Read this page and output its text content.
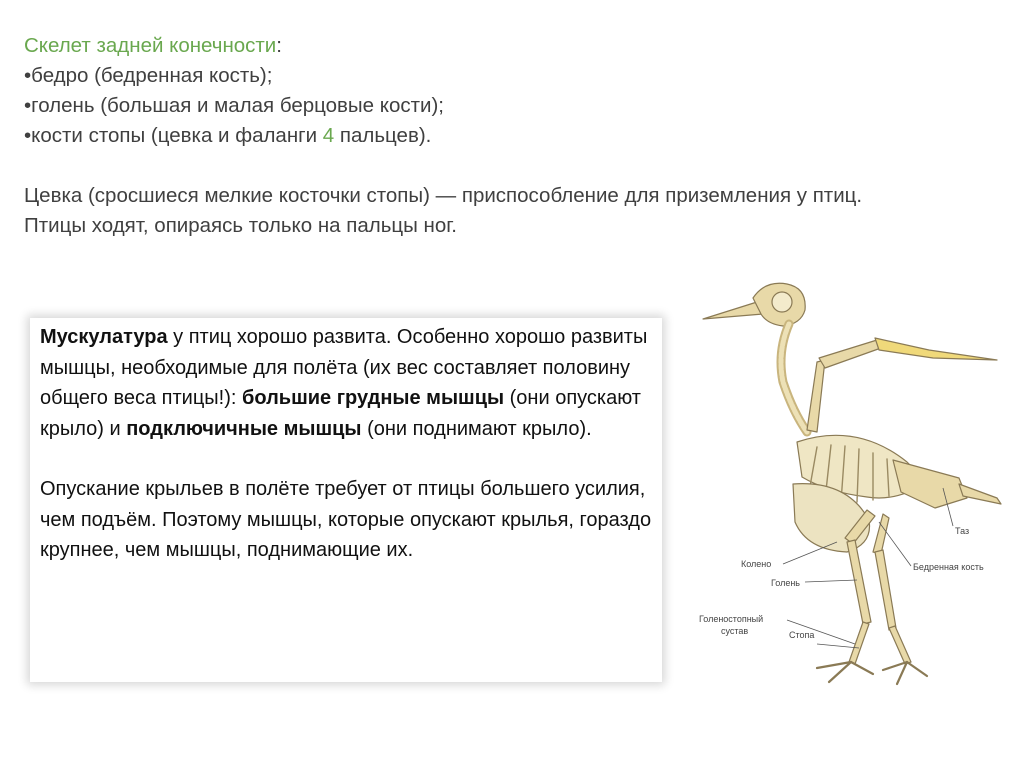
Скелет задней конечности:
•бедро (бедренная кость);
•голень (большая и малая берцовые кости);
•кости стопы (цевка и фаланги 4 пальцев).
Цевка (сросшиеся мелкие косточки стопы) — приспособление для приземления у птиц.
Птицы ходят, опираясь только на пальцы ног.
Мускулатура у птиц хорошо развита. Особенно хорошо развиты мышцы, необходимые для полёта (их вес составляет половину общего веса птицы!): большие грудные мышцы (они опускают
крыло) и подключичные мышцы (они поднимают крыло).
Опускание крыльев в полёте требует от птицы большего усилия, чем подъём. Поэтому мышцы, которые опускают крылья, гораздо крупнее, чем мышцы, поднимающие их.
Таз
Колено	Бедренная кость
Голень
Голеностопный
сустав	Стопа
